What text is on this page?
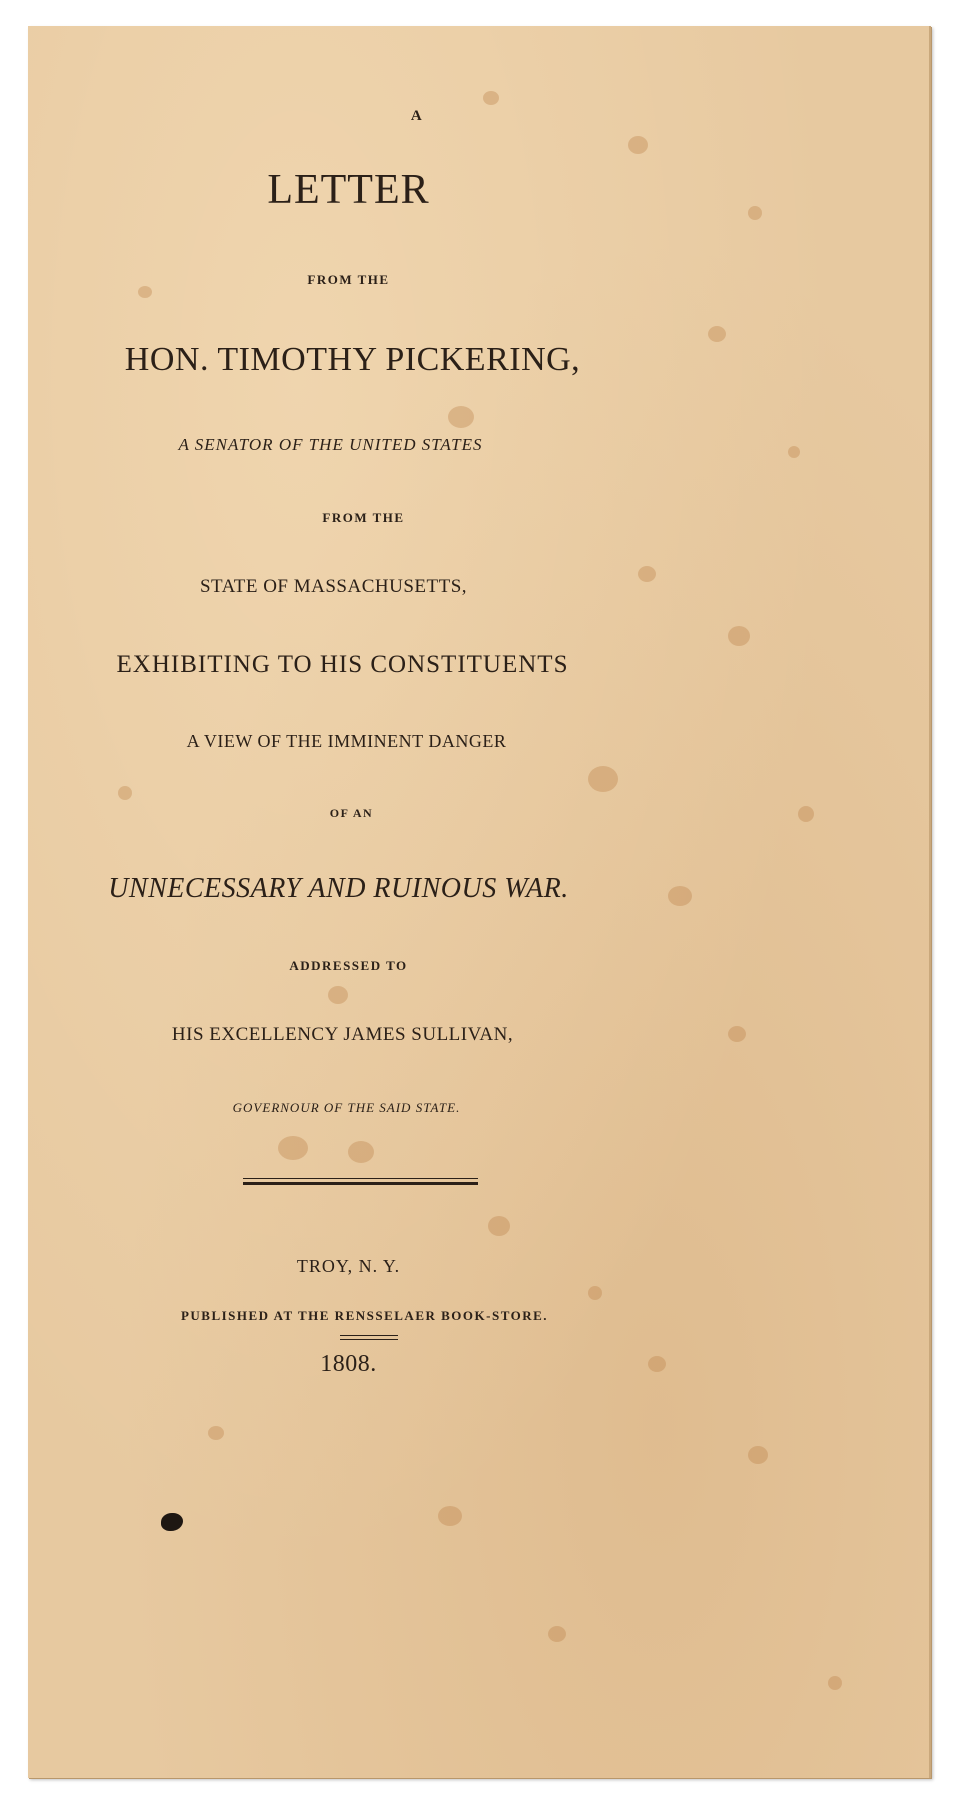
A
LETTER
FROM THE
HON. TIMOTHY PICKERING,
A SENATOR OF THE UNITED STATES
FROM THE
STATE OF MASSACHUSETTS,
EXHIBITING TO HIS CONSTITUENTS
A VIEW OF THE IMMINENT DANGER
OF AN
UNNECESSARY AND RUINOUS WAR.
ADDRESSED TO
HIS EXCELLENCY JAMES SULLIVAN,
GOVERNOUR OF THE SAID STATE.
TROY, N. Y.
PUBLISHED AT THE RENSSELAER BOOK-STORE.
1808.
